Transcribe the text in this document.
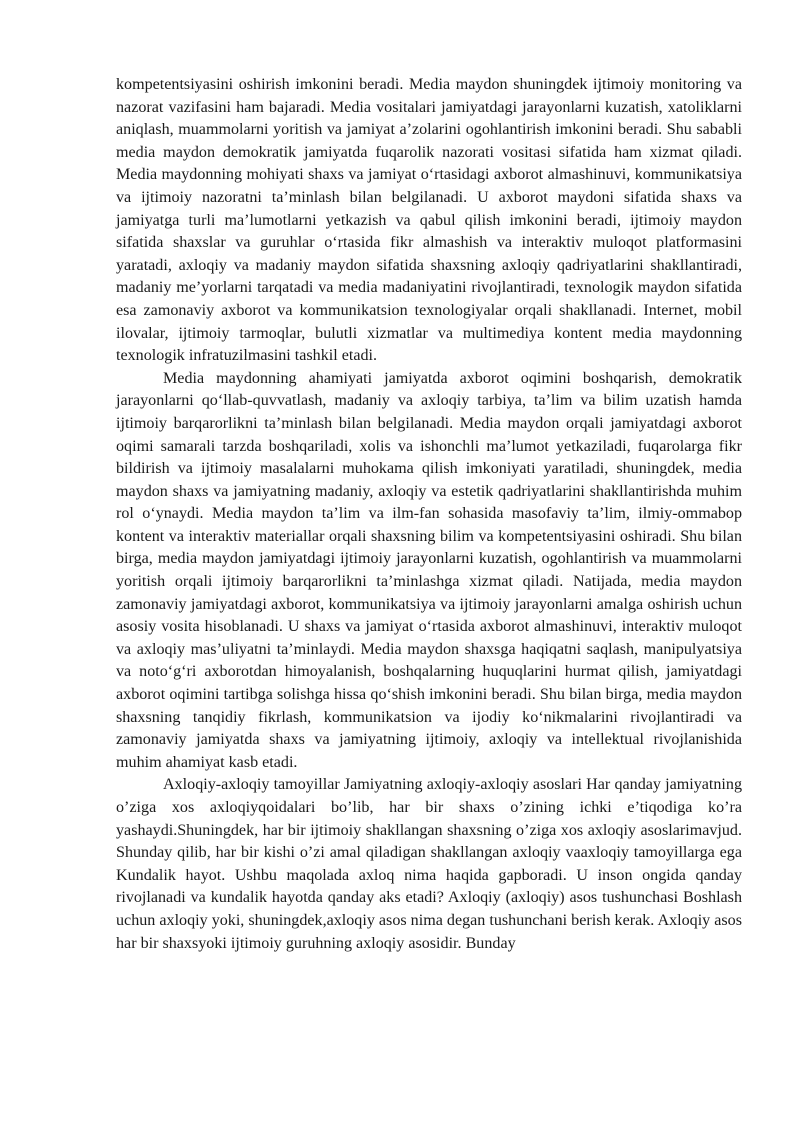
kompetentsiyasini oshirish imkonini beradi. Media maydon shuningdek ijtimoiy monitoring va nazorat vazifasini ham bajaradi. Media vositalari jamiyatdagi jarayonlarni kuzatish, xatoliklarni aniqlash, muammolarni yoritish va jamiyat a’zolarini ogohlantirish imkonini beradi. Shu sababli media maydon demokratik jamiyatda fuqarolik nazorati vositasi sifatida ham xizmat qiladi. Media maydonning mohiyati shaxs va jamiyat o‘rtasidagi axborot almashinuvi, kommunikatsiya va ijtimoiy nazoratni ta’minlash bilan belgilanadi. U axborot maydoni sifatida shaxs va jamiyatga turli ma’lumotlarni yetkazish va qabul qilish imkonini beradi, ijtimoiy maydon sifatida shaxslar va guruhlar o‘rtasida fikr almashish va interaktiv muloqot platformasini yaratadi, axloqiy va madaniy maydon sifatida shaxsning axloqiy qadriyatlarini shakllantiradi, madaniy me’yorlarni tarqatadi va media madaniyatini rivojlantiradi, texnologik maydon sifatida esa zamonaviy axborot va kommunikatsion texnologiyalar orqali shakllanadi. Internet, mobil ilovalar, ijtimoiy tarmoqlar, bulutli xizmatlar va multimediya kontent media maydonning texnologik infratuzilmasini tashkil etadi.

Media maydonning ahamiyati jamiyatda axborot oqimini boshqarish, demokratik jarayonlarni qo‘llab-quvvatlash, madaniy va axloqiy tarbiya, ta’lim va bilim uzatish hamda ijtimoiy barqarorlikni ta’minlash bilan belgilanadi. Media maydon orqali jamiyatdagi axborot oqimi samarali tarzda boshqariladi, xolis va ishonchli ma’lumot yetkaziladi, fuqarolarga fikr bildirish va ijtimoiy masalalarni muhokama qilish imkoniyati yaratiladi, shuningdek, media maydon shaxs va jamiyatning madaniy, axloqiy va estetik qadriyatlarini shakllantirishda muhim rol o‘ynaydi. Media maydon ta’lim va ilm-fan sohasida masofaviy ta’lim, ilmiy-ommabop kontent va interaktiv materiallar orqali shaxsning bilim va kompetentsiyasini oshiradi. Shu bilan birga, media maydon jamiyatdagi ijtimoiy jarayonlarni kuzatish, ogohlantirish va muammolarni yoritish orqali ijtimoiy barqarorlikni ta’minlashga xizmat qiladi. Natijada, media maydon zamonaviy jamiyatdagi axborot, kommunikatsiya va ijtimoiy jarayonlarni amalga oshirish uchun asosiy vosita hisoblanadi. U shaxs va jamiyat o‘rtasida axborot almashinuvi, interaktiv muloqot va axloqiy mas’uliyatni ta’minlaydi. Media maydon shaxsga haqiqatni saqlash, manipulyatsiya va noto‘g‘ri axborotdan himoyalanish, boshqalarning huquqlarini hurmat qilish, jamiyatdagi axborot oqimini tartibga solishga hissa qo‘shish imkonini beradi. Shu bilan birga, media maydon shaxsning tanqidiy fikrlash, kommunikatsion va ijodiy ko‘nikmalarini rivojlantiradi va zamonaviy jamiyatda shaxs va jamiyatning ijtimoiy, axloqiy va intellektual rivojlanishida muhim ahamiyat kasb etadi.

Axloqiy-axloqiy tamoyillar Jamiyatning axloqiy-axloqiy asoslari Har qanday jamiyatning o’ziga xos axloqiyqoidalari bo’lib, har bir shaxs o’zining ichki e’tiqodiga ko’ra yashaydi.Shuningdek, har bir ijtimoiy shakllangan shaxsning o’ziga xos axloqiy asoslarimavjud. Shunday qilib, har bir kishi o’zi amal qiladigan shakllangan axloqiy vaaxloqiy tamoyillarga ega Kundalik hayot. Ushbu maqolada axloq nima haqida gapboradi. U inson ongida qanday rivojlanadi va kundalik hayotda qanday aks etadi? Axloqiy (axloqiy) asos tushunchasi Boshlash uchun axloqiy yoki, shuningdek,axloqiy asos nima degan tushunchani berish kerak. Axloqiy asos har bir shaxsyoki ijtimoiy guruhning axloqiy asosidir. Bunday
